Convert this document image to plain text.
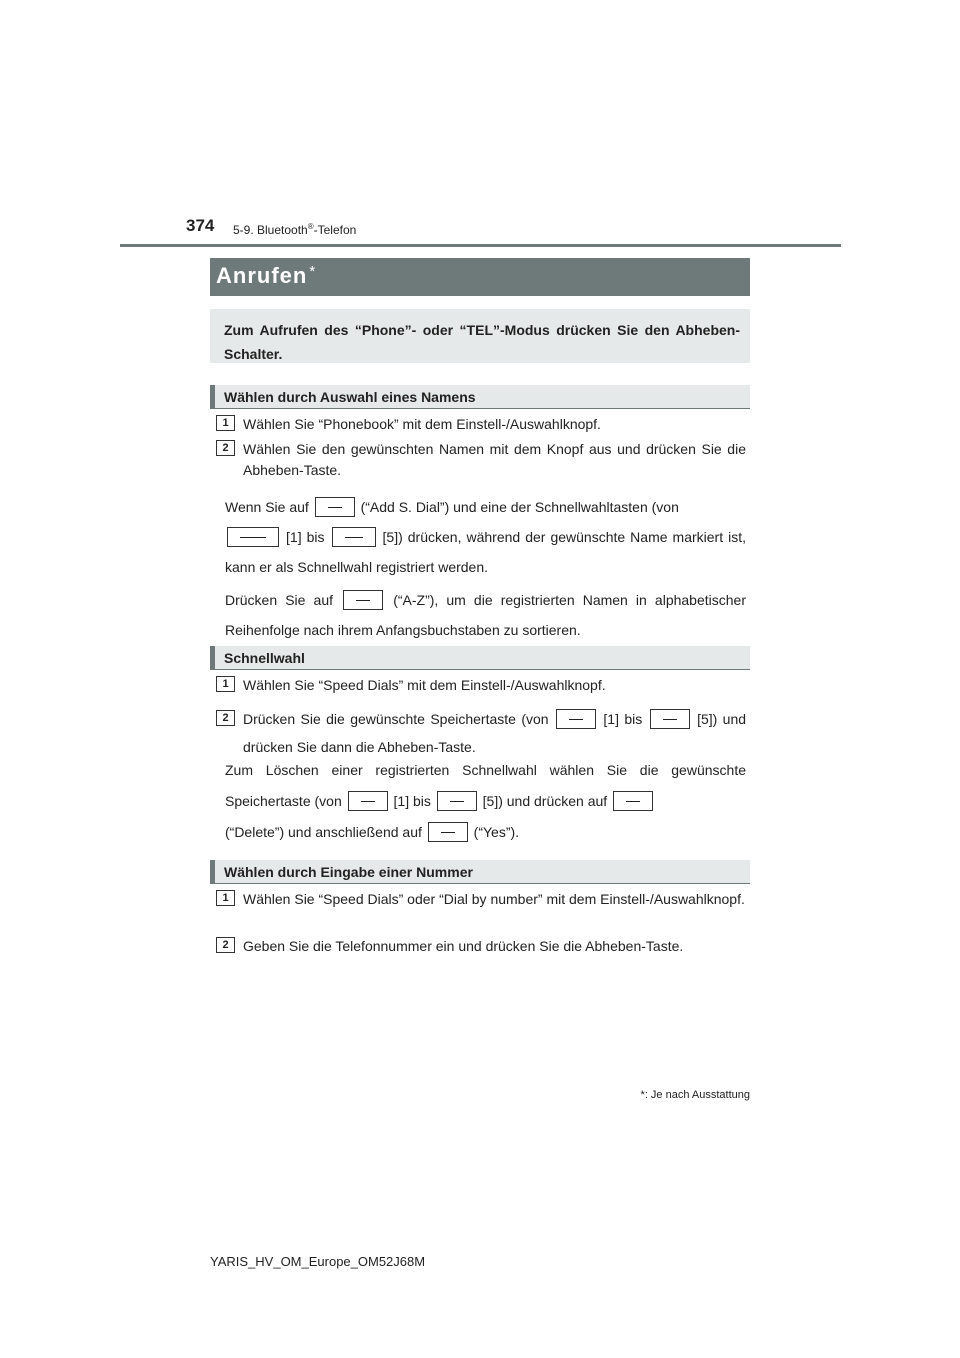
374 5-9. Bluetooth®-Telefon
Anrufen *
Zum Aufrufen des “Phone”- oder “TEL”-Modus drücken Sie den Abheben-Schalter.
Wählen durch Auswahl eines Namens
1	Wählen Sie “Phonebook” mit dem Einstell-/Auswahlknopf.
2	Wählen Sie den gewünschten Namen mit dem Knopf aus und drücken Sie die Abheben-Taste.
Wenn Sie auf	(“Add S. Dial”) und eine der Schnellwahltasten (von
[1] bis	[5]) drücken, während der gewünschte Name markiert ist, kann er als Schnellwahl registriert werden.
Drücken Sie auf	(“A-Z”), um die registrierten Namen in alphabetischer Reihenfolge nach ihrem Anfangsbuchstaben zu sortieren.
Schnellwahl
1	Wählen Sie “Speed Dials” mit dem Einstell-/Auswahlknopf.
2	Drücken Sie die gewünschte Speichertaste (von	[1] bis	[5]) und drücken Sie dann die Abheben-Taste.
Zum Löschen einer registrierten Schnellwahl wählen Sie die gewünschte Speichertaste (von	[1] bis	[5]) und drücken auf
(“Delete”) und anschließend auf	(“Yes”).
Wählen durch Eingabe einer Nummer
1	Wählen Sie “Speed Dials” oder “Dial by number” mit dem Einstell-/Auswahlknopf.
2	Geben Sie die Telefonnummer ein und drücken Sie die Abheben-Taste.
*: Je nach Ausstattung
YARIS_HV_OM_Europe_OM52J68M
